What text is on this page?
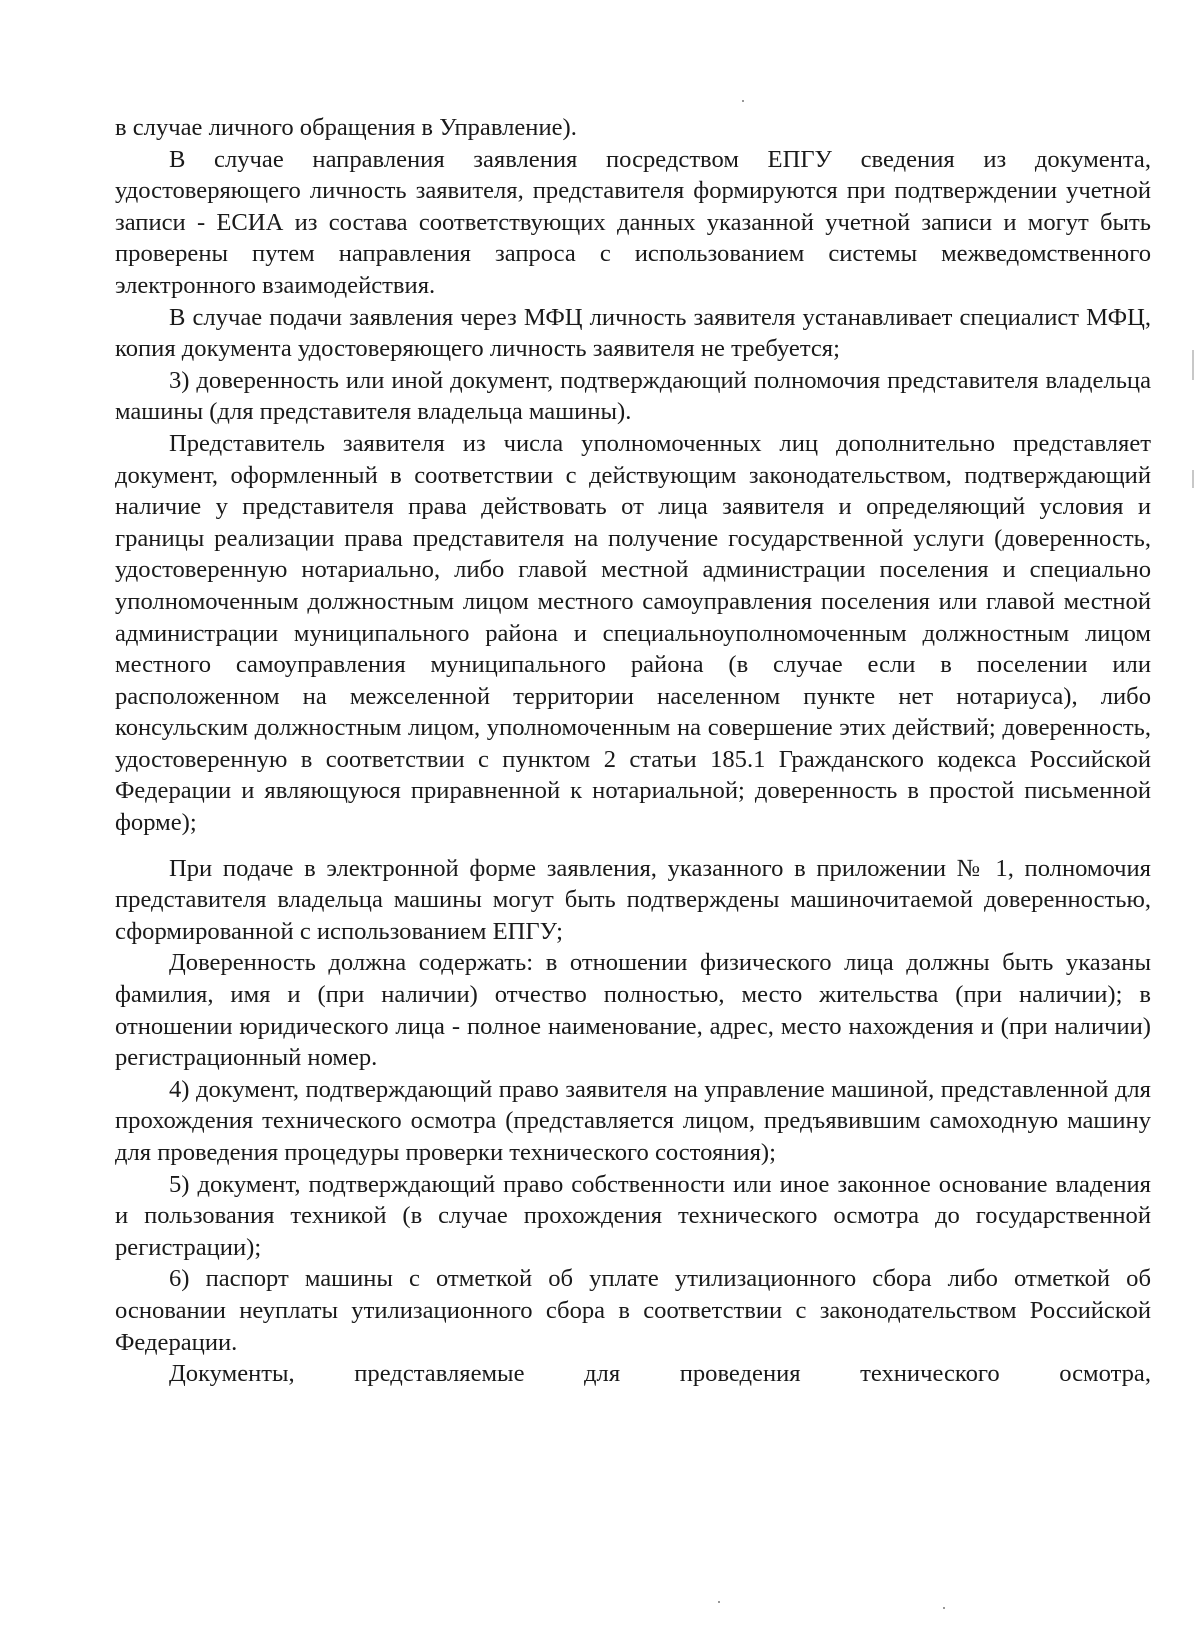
в случае личного обращения в Управление).

В случае направления заявления посредством ЕПГУ сведения из документа, удостоверяющего личность заявителя, представителя формируются при подтверждении учетной записи - ЕСИА из состава соответствующих данных указанной учетной записи и могут быть проверены путем направления запроса с использованием системы межведомственного электронного взаимодействия.

В случае подачи заявления через МФЦ личность заявителя устанавливает специалист МФЦ, копия документа удостоверяющего личность заявителя не требуется;

3) доверенность или иной документ, подтверждающий полномочия представителя владельца машины (для представителя владельца машины).

Представитель заявителя из числа уполномоченных лиц дополнительно представляет документ, оформленный в соответствии с действующим законодательством, подтверждающий наличие у представителя права действовать от лица заявителя и определяющий условия и границы реализации права представителя на получение государственной услуги (доверенность, удостоверенную нотариально, либо главой местной администрации поселения и специально уполномоченным должностным лицом местного самоуправления поселения или главой местной администрации муниципального района и специальноуполномоченным должностным лицом местного самоуправления муниципального района (в случае если в поселении или расположенном на межселенной территории населенном пункте нет нотариуса), либо консульским должностным лицом, уполномоченным на совершение этих действий; доверенность, удостоверенную в соответствии с пунктом 2 статьи 185.1 Гражданского кодекса Российской Федерации и являющуюся приравненной к нотариальной; доверенность в простой письменной форме);

При подаче в электронной форме заявления, указанного в приложении № 1, полномочия представителя владельца машины могут быть подтверждены машиночитаемой доверенностью, сформированной с использованием ЕПГУ;

Доверенность должна содержать: в отношении физического лица должны быть указаны фамилия, имя и (при наличии) отчество полностью, место жительства (при наличии); в отношении юридического лица - полное наименование, адрес, место нахождения и (при наличии) регистрационный номер.

4) документ, подтверждающий право заявителя на управление машиной, представленной для прохождения технического осмотра (представляется лицом, предъявившим самоходную машину для проведения процедуры проверки технического состояния);

5) документ, подтверждающий право собственности или иное законное основание владения и пользования техникой (в случае прохождения технического осмотра до государственной регистрации);

6) паспорт машины с отметкой об уплате утилизационного сбора либо отметкой об основании неуплаты утилизационного сбора в соответствии с законодательством Российской Федерации.

Документы, представляемые для проведения технического осмотра,
